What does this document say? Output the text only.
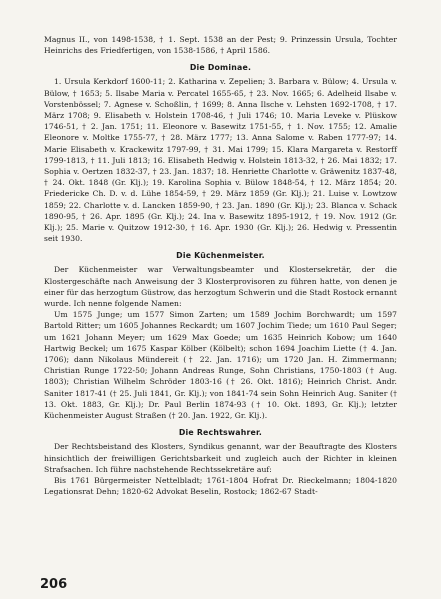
Magnus II., von 1498-1538, † 1. Sept. 1538 an der Pest; 9. Prinzessin Ursula, Tochter Heinrichs des Friedfertigen, von 1538-1586, † April 1586.

Die Dominae.

1. Ursula Kerkdorf 1600-11; 2. Katharina v. Zepelien; 3. Barbara v. Bülow; 4. Ursula v. Bülow, † 1653; 5. Ilsabe Maria v. Percatel 1655-65, † 23. Nov. 1665; 6. Adelheid Ilsabe v. Vorstenbössel; 7. Agnese v. Schoßlin, † 1699; 8. Anna Ilsche v. Lehsten 1692-1708, † 17. März 1708; 9. Elisabeth v. Holstein 1708-46, † Juli 1746; 10. Maria Leveke v. Plüskow 1746-51, † 2. Jan. 1751; 11. Eleonore v. Basewitz 1751-55, † 1. Nov. 1755; 12. Amalie Eleonore v. Moltke 1755-77, † 28. März 1777; 13. Anna Salome v. Raben 1777-97; 14. Marie Elisabeth v. Krackewitz 1797-99, † 31. Mai 1799; 15. Klara Margareta v. Restorff 1799-1813, † 11. Juli 1813; 16. Elisabeth Hedwig v. Holstein 1813-32, † 26. Mai 1832; 17. Sophia v. Oertzen 1832-37, † 23. Jan. 1837; 18. Henriette Charlotte v. Gräwenitz 1837-48, † 24. Okt. 1848 (Gr. Klj.); 19. Karolina Sophia v. Bülow 1848-54, † 12. März 1854; 20. Friedericke Ch. D. v. d. Lühe 1854-59, † 29. März 1859 (Gr. Klj.); 21. Luise v. Lowtzow 1859; 22. Charlotte v. d. Lancken 1859-90, † 23. Jan. 1890 (Gr. Klj.); 23. Blanca v. Schack 1890-95, † 26. Apr. 1895 (Gr. Klj.); 24. Ina v. Basewitz 1895-1912, † 19. Nov. 1912 (Gr. Klj.); 25. Marie v. Quitzow 1912-30, † 16. Apr. 1930 (Gr. Klj.); 26. Hedwig v. Pressentin seit 1930.

Die Küchenmeister.

Der Küchenmeister war Verwaltungsbeamter und Klostersekretär, der die Klostergeschäfte nach Anweisung der 3 Klosterprovisoren zu führen hatte, von denen je einer für das herzogtum Güstrow, das herzogtum Schwerin und die Stadt Rostock ernannt wurde. Ich nenne folgende Namen:

Um 1575 Junge; um 1577 Simon Zarten; um 1589 Jochim Borchwardt; um 1597 Bartold Ritter; um 1605 Johannes Reckardt; um 1607 Jochim Tiede; um 1610 Paul Seger; um 1621 Johann Meyer; um 1629 Max Goede; um 1635 Heinrich Kobow; um 1640 Hartwig Beckel; um 1675 Kaspar Kölber (Kölbelt); schon 1694 Joachim Liette († 4. Jan. 1706); dann Nikolaus Mündereit († 22. Jan. 1716); um 1720 Jan. H. Zimmermann; Christian Runge 1722-50; Johann Andreas Runge, Sohn Christians, 1750-1803 († Aug. 1803); Christian Wilhelm Schröder 1803-16 († 26. Okt. 1816); Heinrich Christ. Andr. Saniter 1817-41 († 25. Juli 1841, Gr. Klj.); von 1841-74 sein Sohn Heinrich Aug. Saniter († 13. Okt. 1883, Gr. Klj.); Dr. Paul Berlin 1874-93 († 10. Okt. 1893, Gr. Klj.); letzter Küchenmeister August Straßen († 20. Jan. 1922, Gr. Klj.).

Die Rechtswahrer.

Der Rechtsbeistand des Klosters, Syndikus genannt, war der Beauftragte des Klosters hinsichtlich der freiwilligen Gerichtsbarkeit und zugleich auch der Richter in kleinen Strafsachen. Ich führe nachstehende Rechtssekretäre auf:

Bis 1761 Bürgermeister Nettelbladt; 1761-1804 Hofrat Dr. Rieckelmann; 1804-1820 Legationsrat Dehn; 1820-62 Advokat Beselin, Rostock; 1862-67 Stadt-

206
